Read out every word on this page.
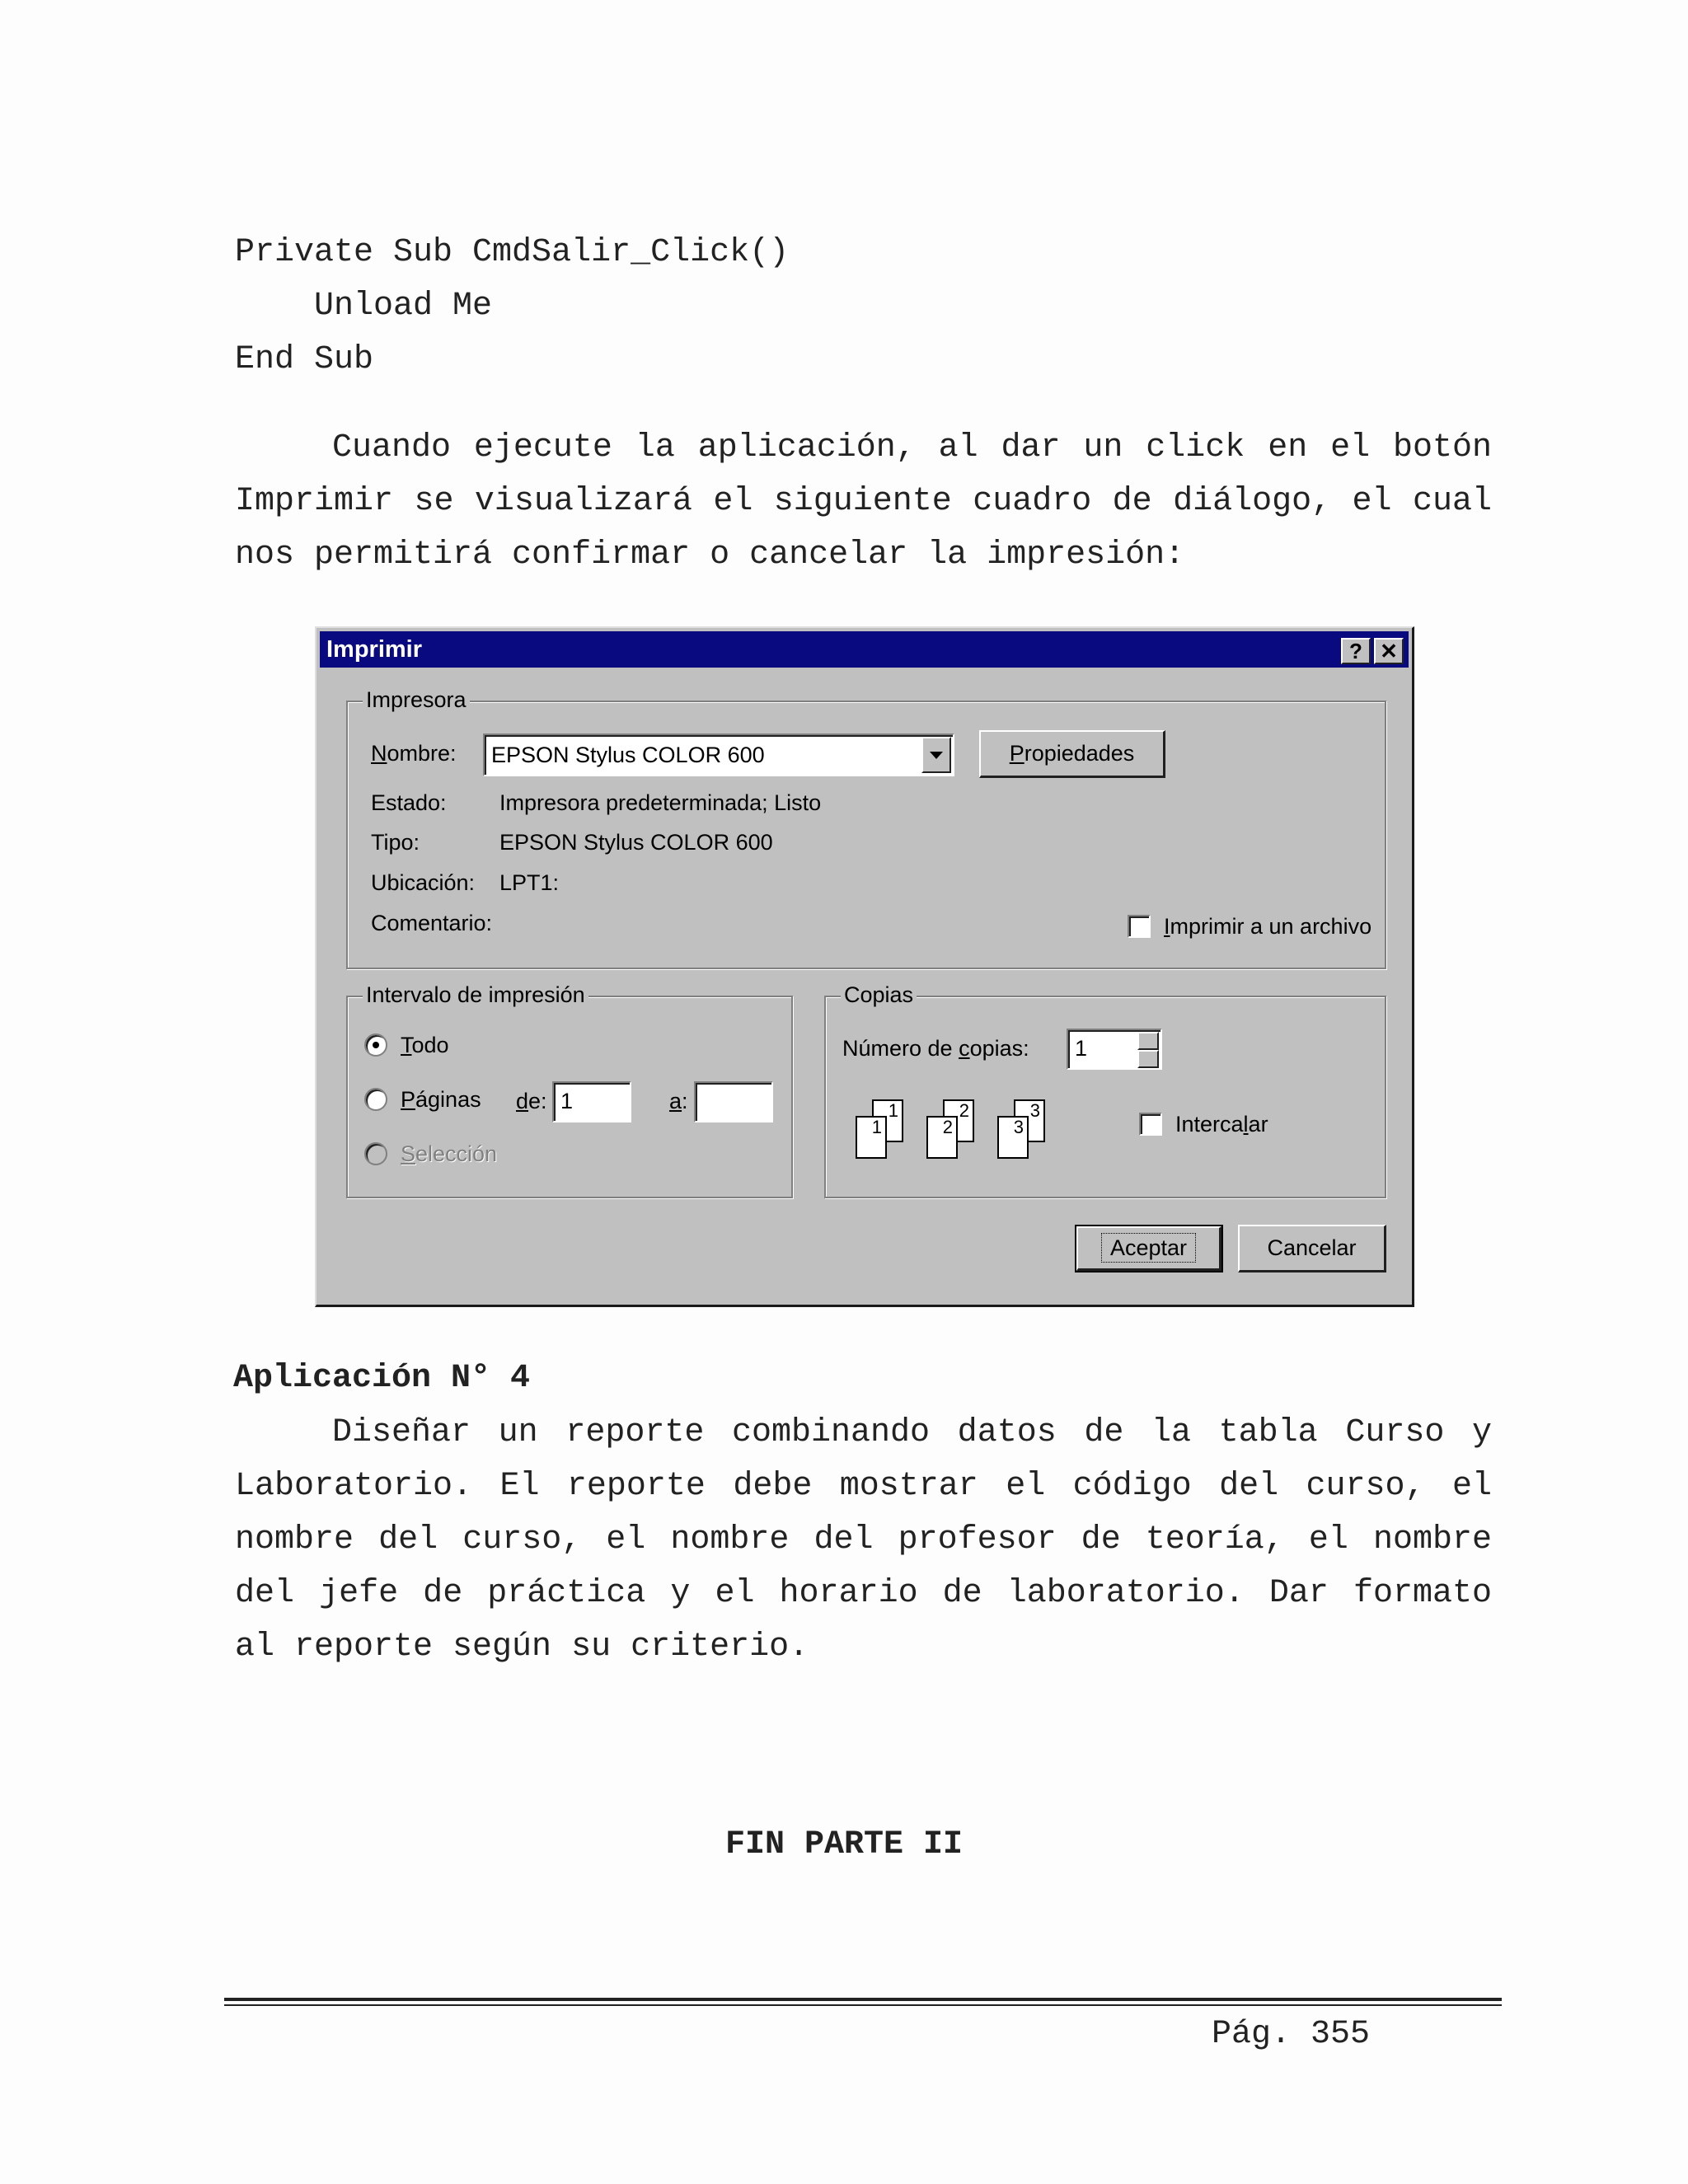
Private Sub CmdSalir_Click()
Unload Me
End Sub
Cuando ejecute la aplicación, al dar un click en el botón
Imprimir se visualizará el siguiente cuadro de diálogo, el cual
nos permitirá confirmar o cancelar la impresión:
Imprimir	? ✕
Impresora
Nombre:	EPSON Stylus COLOR 600	Propiedades
Estado: Impresora predeterminada; Listo
Tipo:	EPSON Stylus COLOR 600
Ubicación: LPT1:
Comentario:	Imprimir a un archivo
Intervalo de impresión
Todo
Páginas de: 1	a:
Selección
Copias
Número de copias:	1
1
1
2
2
3
3	Intercalar
Aceptar	Cancelar
Aplicación N° 4
Diseñar un reporte combinando datos de la tabla Curso y
Laboratorio. El reporte debe mostrar el código del curso, el
nombre del curso, el nombre del profesor de teoría, el nombre
del jefe de práctica y el horario de laboratorio. Dar formato
al reporte según su criterio.
FIN PARTE II
Pág. 355
